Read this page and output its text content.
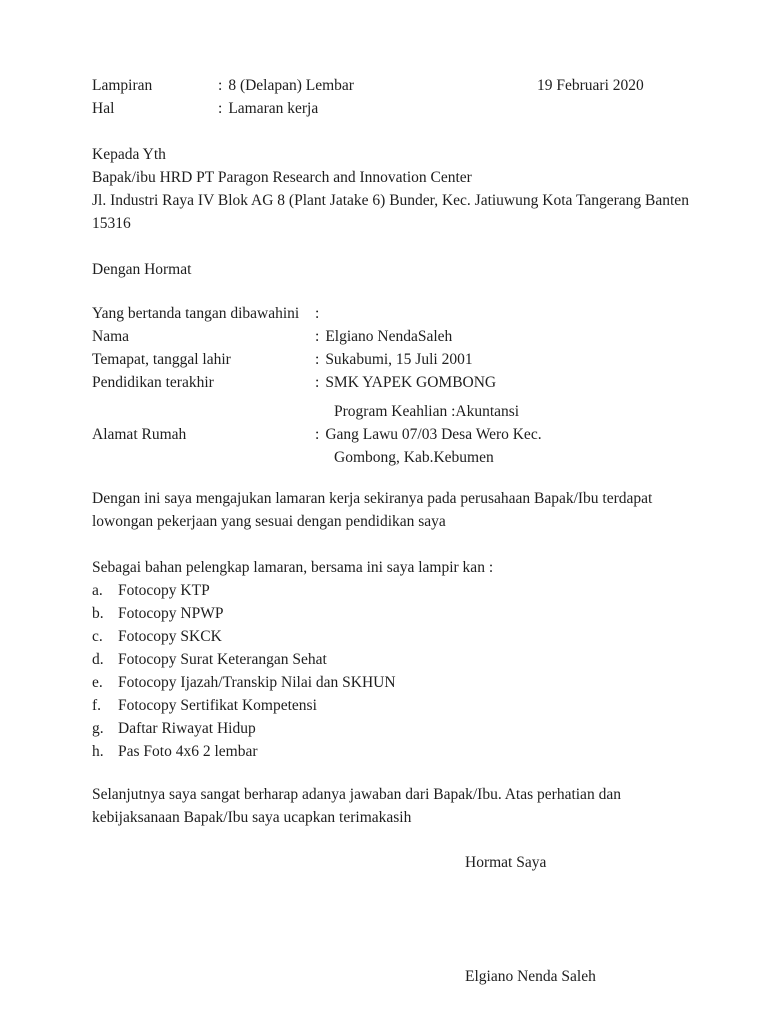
Lampiran	: 8 (Delapan) Lembar	19 Februari 2020
Hal	: Lamaran kerja
Kepada Yth
Bapak/ibu HRD PT Paragon Research and Innovation Center
Jl. Industri Raya IV Blok AG 8 (Plant Jatake 6) Bunder, Kec. Jatiuwung Kota Tangerang Banten
15316
Dengan Hormat
Yang bertanda tangan dibawahini :
Nama	: Elgiano NendaSaleh
Temapat, tanggal lahir	: Sukabumi, 15 Juli 2001
Pendidikan terakhir	: SMK YAPEK GOMBONG
Program Keahlian :Akuntansi
Alamat Rumah	: Gang Lawu 07/03 Desa Wero Kec.
Gombong, Kab.Kebumen
Dengan ini saya mengajukan lamaran kerja sekiranya pada perusahaan Bapak/Ibu terdapat
lowongan pekerjaan yang sesuai dengan pendidikan saya
Sebagai bahan pelengkap lamaran, bersama ini saya lampir kan :
a. Fotocopy KTP
b. Fotocopy NPWP
c. Fotocopy SKCK
d. Fotocopy Surat Keterangan Sehat
e. Fotocopy Ijazah/Transkip Nilai dan SKHUN
f. Fotocopy Sertifikat Kompetensi
g. Daftar Riwayat Hidup
h. Pas Foto 4x6 2 lembar
Selanjutnya saya sangat berharap adanya jawaban dari Bapak/Ibu. Atas perhatian dan
kebijaksanaan Bapak/Ibu saya ucapkan terimakasih
Hormat Saya
Elgiano Nenda Saleh
